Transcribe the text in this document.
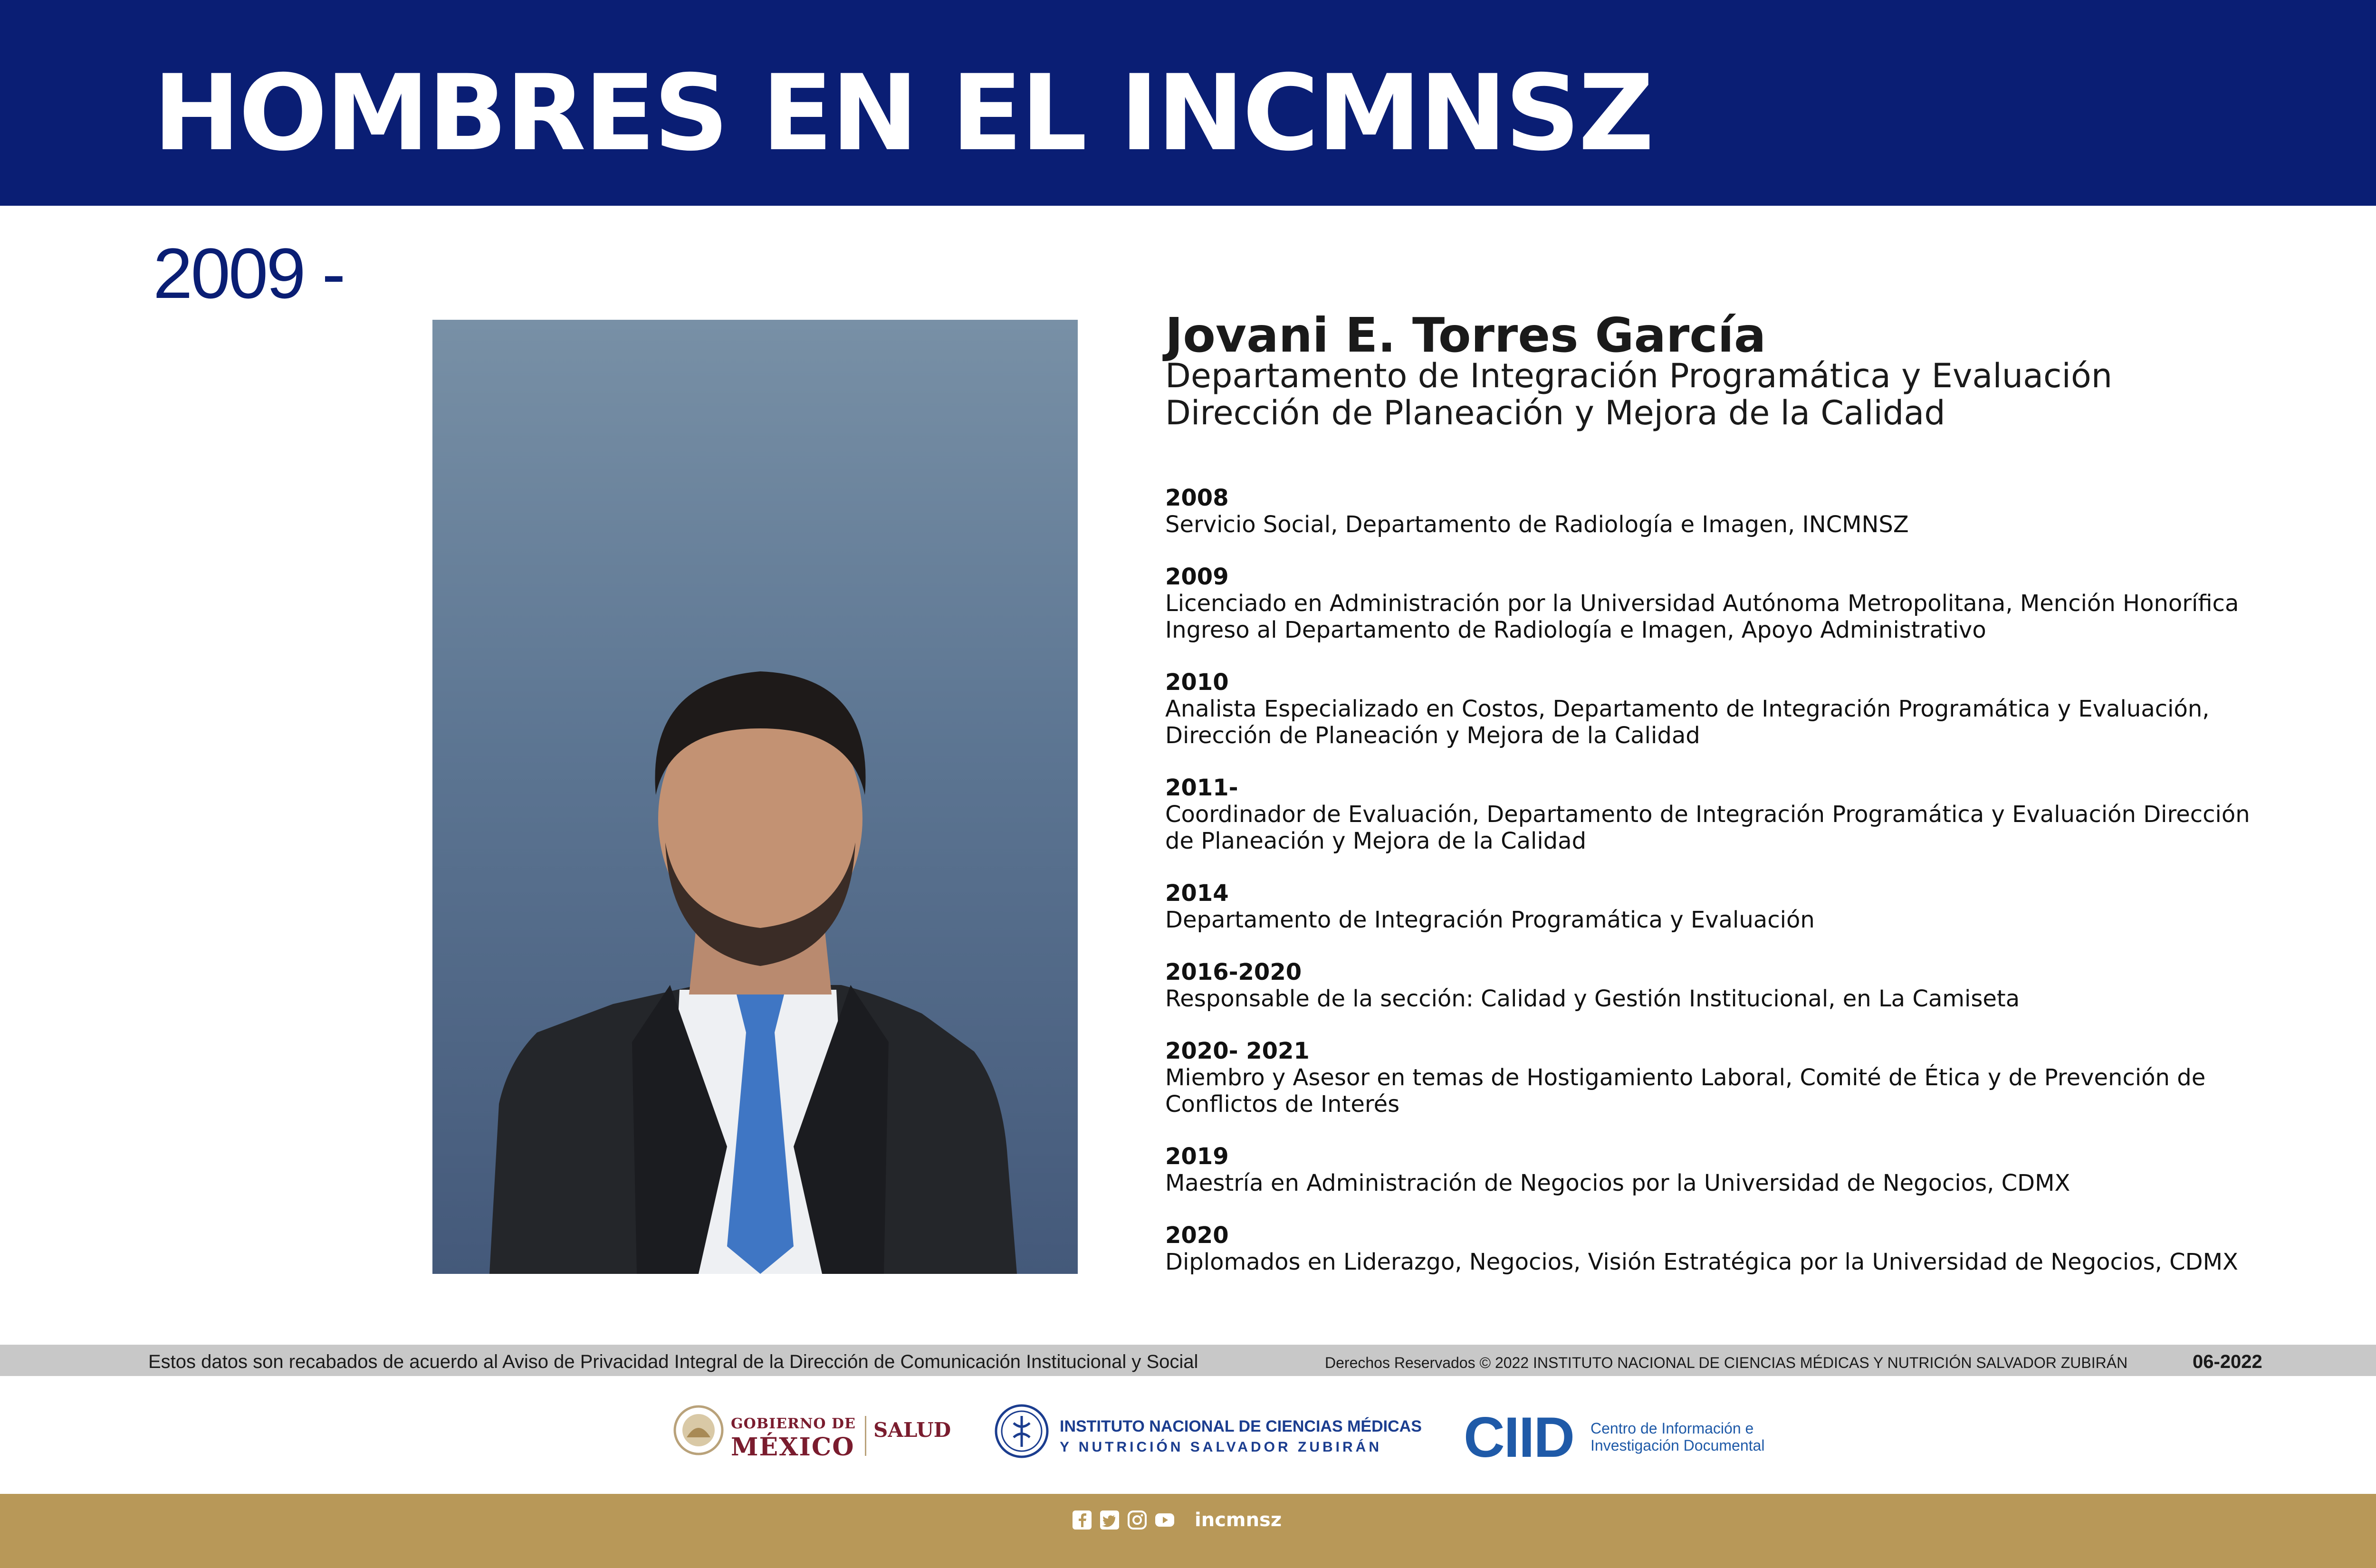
HOMBRES EN EL INCMNSZ
2009 -
Jovani E. Torres García
Departamento de Integración Programática y Evaluación
Dirección de Planeación y Mejora de la Calidad
2008
Servicio Social, Departamento de Radiología e Imagen, INCMNSZ
2009
Licenciado en Administración por la Universidad Autónoma Metropolitana, Mención Honorífica
Ingreso al Departamento de Radiología e Imagen, Apoyo Administrativo
2010
Analista Especializado en Costos, Departamento de Integración Programática y Evaluación,
Dirección de Planeación y Mejora de la Calidad
2011-
Coordinador de Evaluación, Departamento de Integración Programática y Evaluación Dirección
de Planeación y Mejora de la Calidad
2014
Departamento de Integración Programática y Evaluación
2016-2020
Responsable de la sección: Calidad y Gestión Institucional, en La Camiseta
2020- 2021
Miembro y Asesor en temas de Hostigamiento Laboral, Comité de Ética y de Prevención de
Conflictos de Interés
2019
Maestría en Administración de Negocios por la Universidad de Negocios, CDMX
2020
Diplomados en Liderazgo, Negocios, Visión Estratégica por la Universidad de Negocios, CDMX
Estos datos son recabados de acuerdo al Aviso de Privacidad Integral de la Dirección de Comunicación Institucional y Social	Derechos Reservados © 2022 INSTITUTO NACIONAL DE CIENCIAS MÉDICAS Y NUTRICIÓN SALVADOR ZUBIRÁN	06-2022
GOBIERNO DE
MÉXICO
SALUD	INSTITUTO NACIONAL DE CIENCIAS MÉDICAS
Y NUTRICIÓN SALVADOR ZUBIRÁN CIID Centro de Información e
Investigación Documental
incmnsz
